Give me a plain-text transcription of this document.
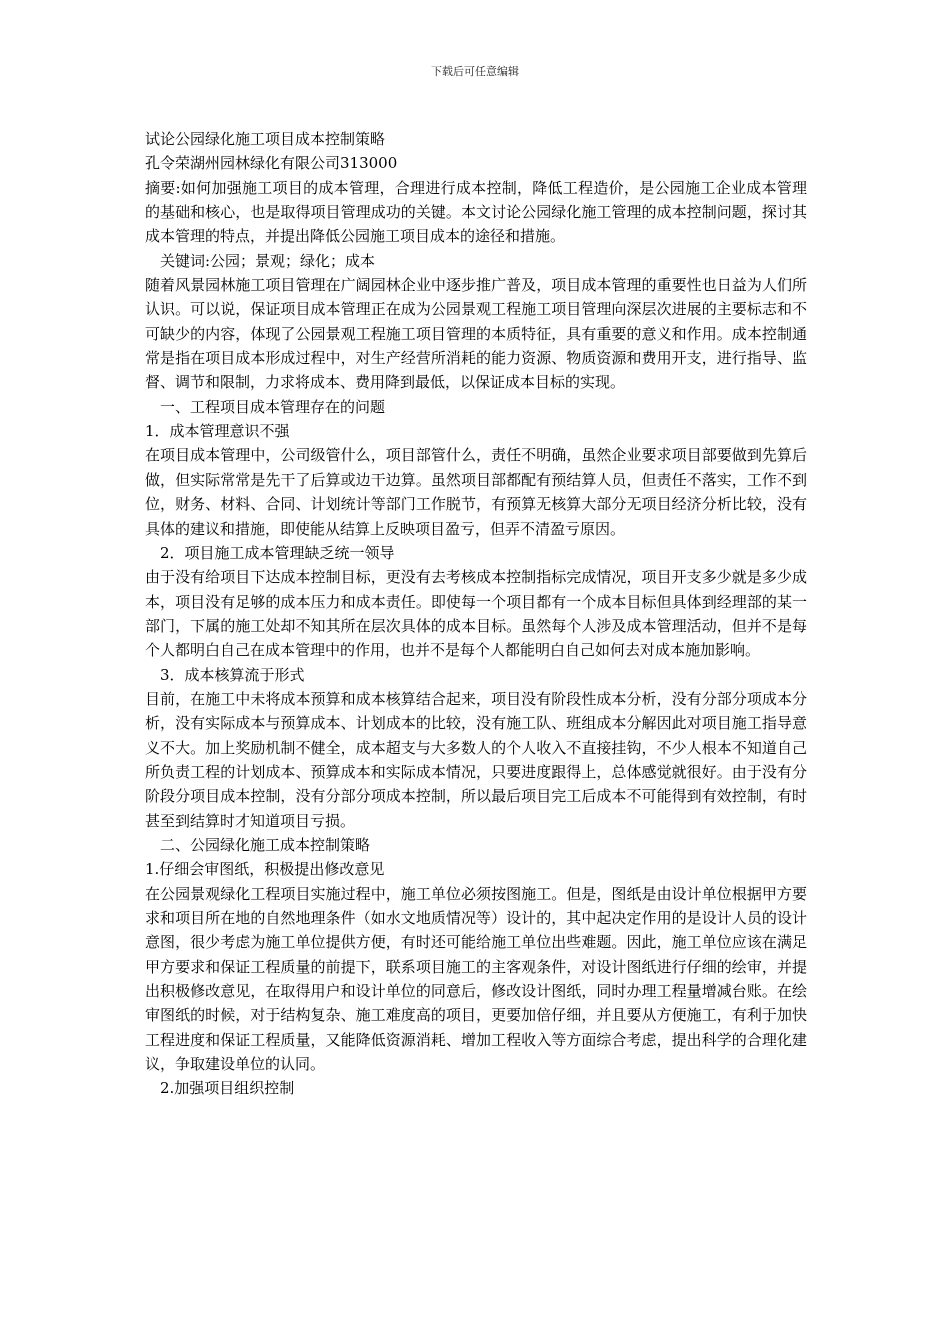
下载后可任意编辑

试论公园绿化施工项目成本控制策略

孔令荣湖州园林绿化有限公司313000

摘要:如何加强施工项目的成本管理，合理进行成本控制，降低工程造价，是公园施工企业成本管理的基础和核心，也是取得项目管理成功的关键。本文讨论公园绿化施工管理的成本控制问题，探讨其成本管理的特点，并提出降低公园施工项目成本的途径和措施。

关键词:公园；景观；绿化；成本

随着风景园林施工项目管理在广阔园林企业中逐步推广普及，项目成本管理的重要性也日益为人们所认识。可以说，保证项目成本管理正在成为公园景观工程施工项目管理向深层次进展的主要标志和不可缺少的内容，体现了公园景观工程施工项目管理的本质特征，具有重要的意义和作用。成本控制通常是指在项目成本形成过程中，对生产经营所消耗的能力资源、物质资源和费用开支，进行指导、监督、调节和限制，力求将成本、费用降到最低，以保证成本目标的实现。

一、工程项目成本管理存在的问题

1．成本管理意识不强

在项目成本管理中，公司级管什么，项目部管什么，责任不明确，虽然企业要求项目部要做到先算后做，但实际常常是先干了后算或边干边算。虽然项目部都配有预结算人员，但责任不落实，工作不到位，财务、材料、合同、计划统计等部门工作脱节，有预算无核算大部分无项目经济分析比较，没有具体的建议和措施，即使能从结算上反映项目盈亏，但弄不清盈亏原因。

2．项目施工成本管理缺乏统一领导

由于没有给项目下达成本控制目标，更没有去考核成本控制指标完成情况，项目开支多少就是多少成本，项目没有足够的成本压力和成本责任。即使每一个项目都有一个成本目标但具体到经理部的某一部门，下属的施工处却不知其所在层次具体的成本目标。虽然每个人涉及成本管理活动，但并不是每个人都明白自己在成本管理中的作用，也并不是每个人都能明白自己如何去对成本施加影响。

3．成本核算流于形式

目前，在施工中未将成本预算和成本核算结合起来，项目没有阶段性成本分析，没有分部分项成本分析，没有实际成本与预算成本、计划成本的比较，没有施工队、班组成本分解因此对项目施工指导意义不大。加上奖励机制不健全，成本超支与大多数人的个人收入不直接挂钩，不少人根本不知道自己所负责工程的计划成本、预算成本和实际成本情况，只要进度跟得上，总体感觉就很好。由于没有分阶段分项目成本控制，没有分部分项成本控制，所以最后项目完工后成本不可能得到有效控制，有时甚至到结算时才知道项目亏损。

二、公园绿化施工成本控制策略

1.仔细会审图纸，积极提出修改意见

在公园景观绿化工程项目实施过程中，施工单位必须按图施工。但是，图纸是由设计单位根据甲方要求和项目所在地的自然地理条件（如水文地质情况等）设计的，其中起决定作用的是设计人员的设计意图，很少考虑为施工单位提供方便，有时还可能给施工单位出些难题。因此，施工单位应该在满足甲方要求和保证工程质量的前提下，联系项目施工的主客观条件，对设计图纸进行仔细的绘审，并提出积极修改意见，在取得用户和设计单位的同意后，修改设计图纸，同时办理工程量增减台账。在绘审图纸的时候，对于结构复杂、施工难度高的项目，更要加倍仔细，并且要从方便施工，有利于加快工程进度和保证工程质量，又能降低资源消耗、增加工程收入等方面综合考虑，提出科学的合理化建议，争取建设单位的认同。

2.加强项目组织控制
